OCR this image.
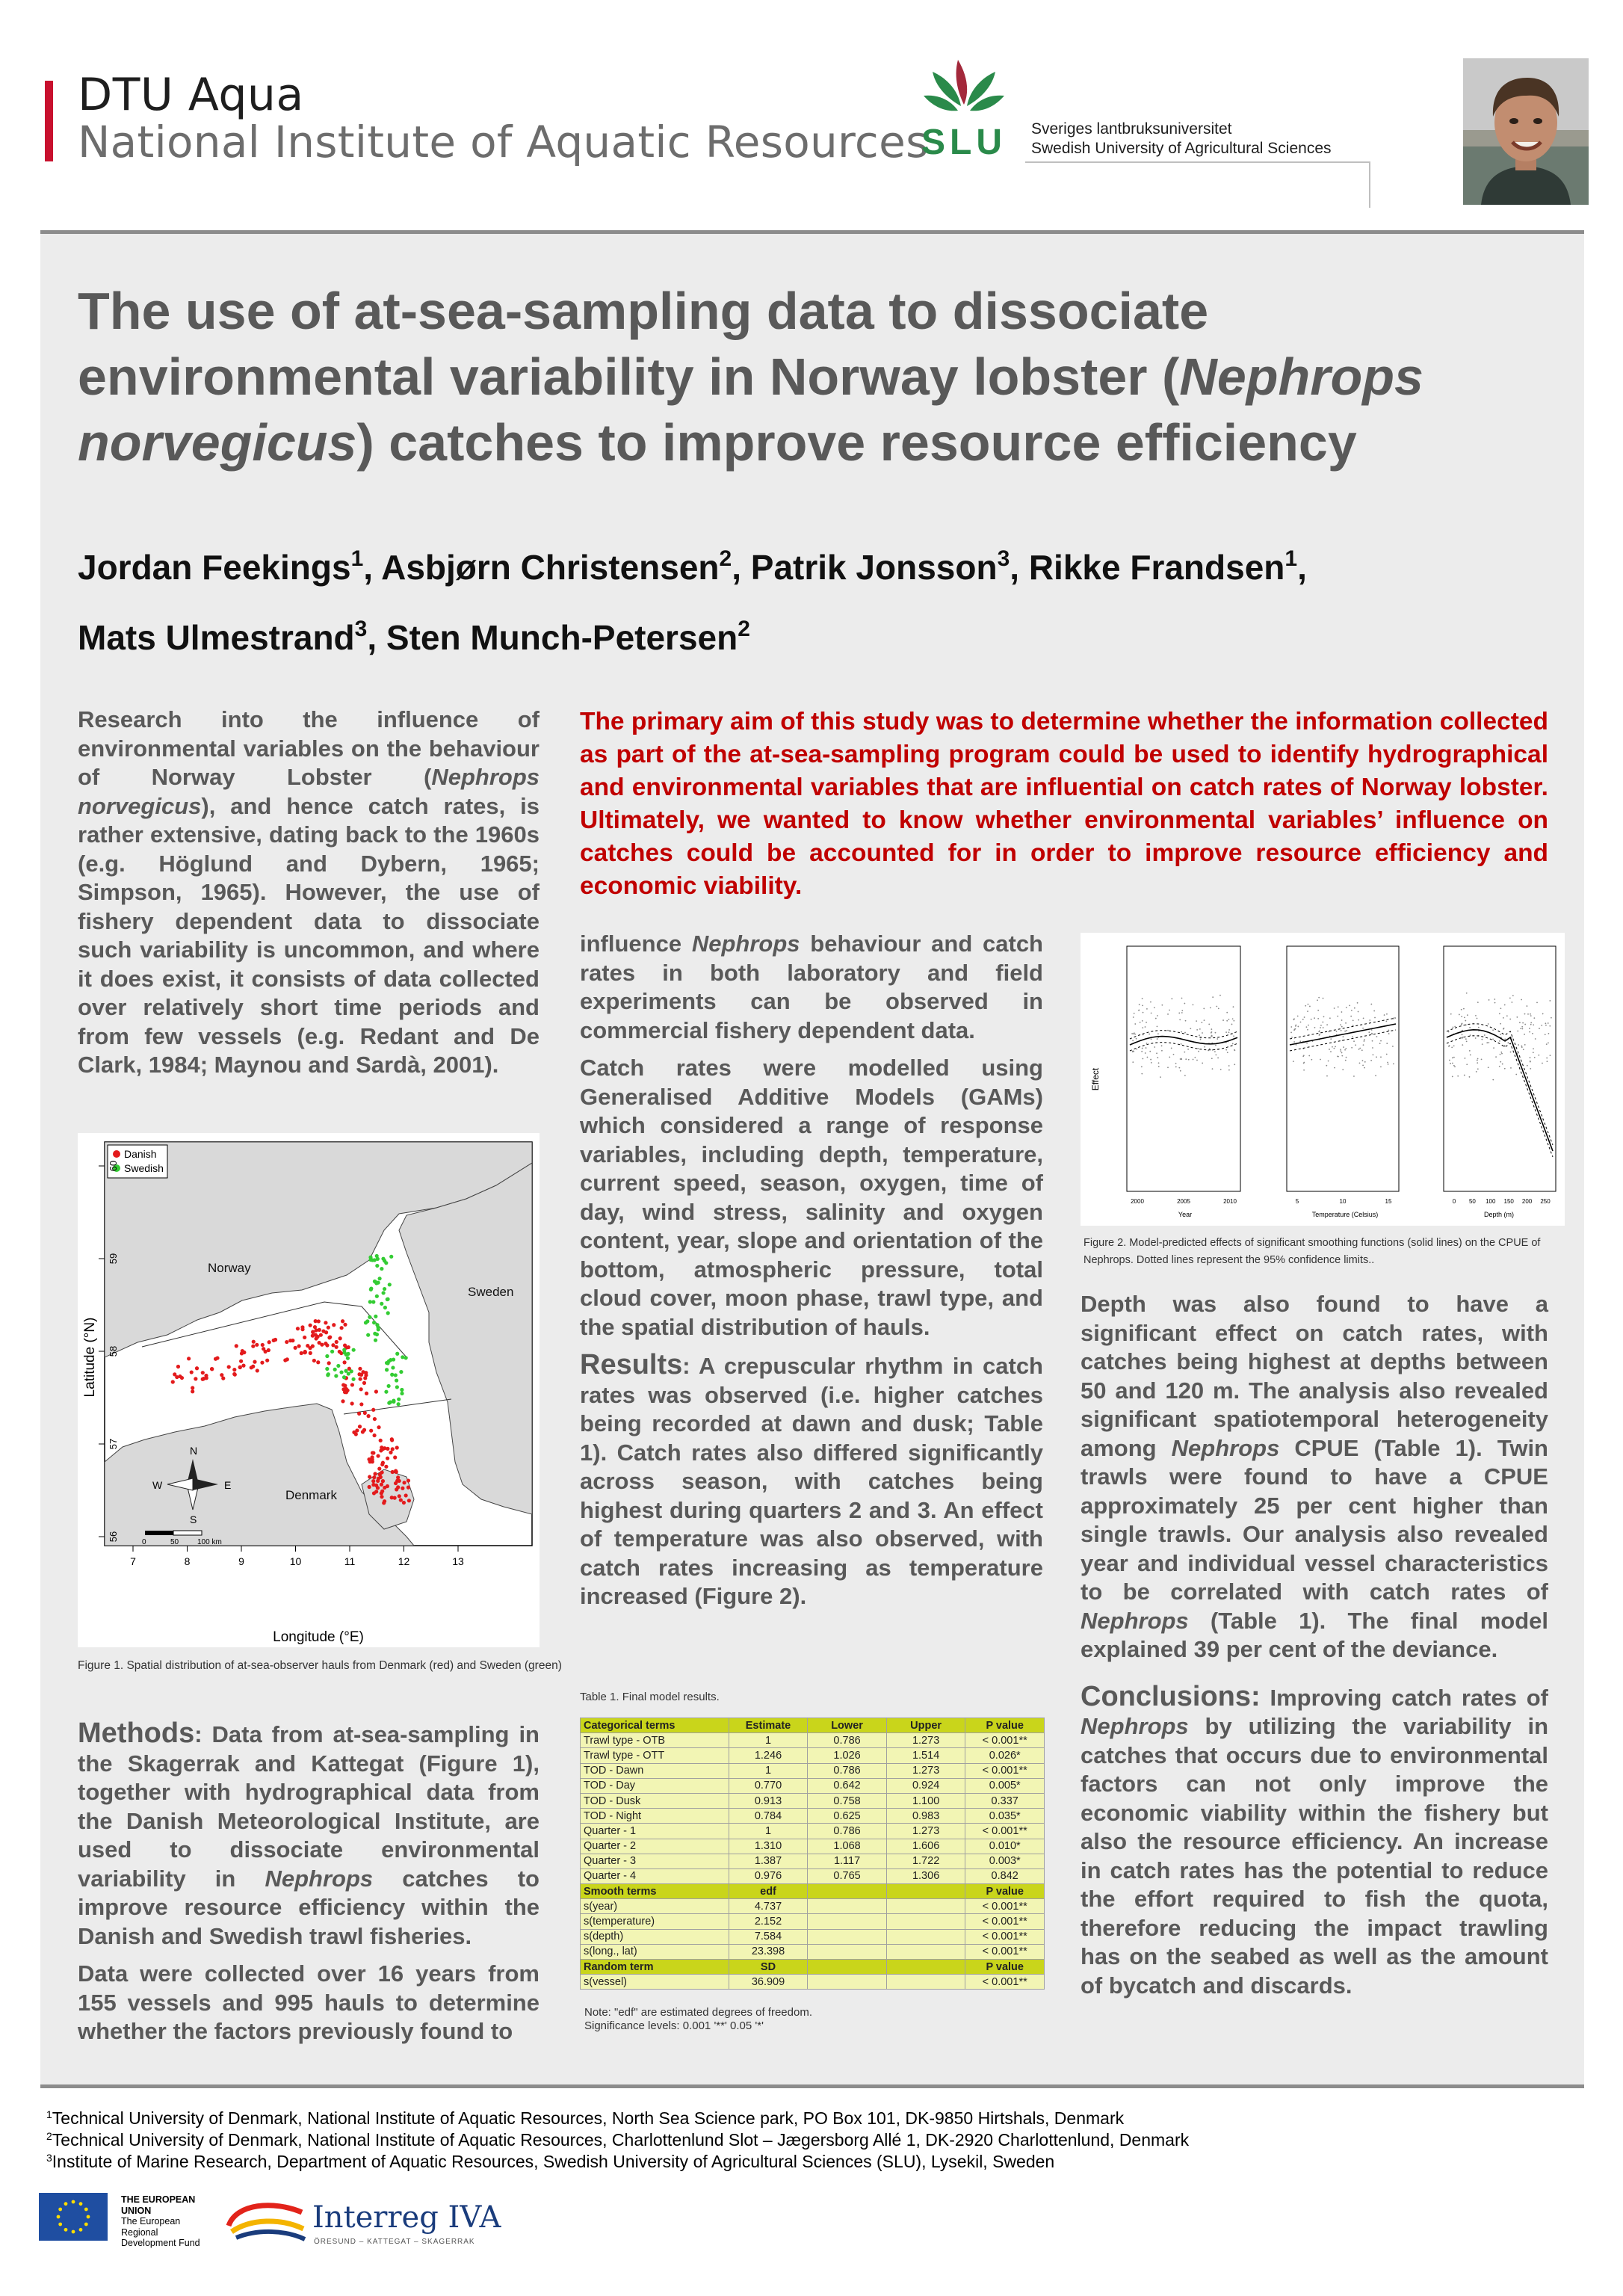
DTU Aqua
National Institute of Aquatic Resources
SLU Sveriges lantbruksuniversitet
Swedish University of Agricultural Sciences
The use of at-sea-sampling data to dissociate environmental variability in Norway lobster (Nephrops norvegicus) catches to improve resource efficiency
Jordan Feekings$^1$, Asbjørn Christensen$^2$, Patrik Jonsson$^3$, Rikke Frandsen$^1$,
Mats Ulmestrand$^3$, Sten Munch-Petersen$^2$
Research into the influence of environmental variables on the behaviour of Norway Lobster (Nephrops norvegicus), and hence catch rates, is rather extensive, dating back to the 1960s (e.g. Höglund and Dybern, 1965; Simpson, 1965). However, the use of fishery dependent data to dissociate such variability is uncommon, and where it does exist, it consists of data collected over relatively short time periods and from few vessels (e.g. Redant and De Clark, 1984; Maynou and Sardà, 2001).
The primary aim of this study was to determine whether the information collected as part of the at-sea-sampling program could be used to identify hydrographical and environmental variables that are influential on catch rates of Norway lobster. Ultimately, we wanted to know whether environmental variables’ influence on catches could be accounted for in order to improve resource efficiency and economic viability.

influence Nephrops behaviour and catch rates in both laboratory and field experiments can be observed in commercial fishery dependent data.

Catch rates were modelled using Generalised Additive Models (GAMs) which considered a range of response variables, including depth, temperature, current speed, season, oxygen, time of day, wind stress, salinity and oxygen content, year, slope and orientation of the bottom, atmospheric pressure, total cloud cover, moon phase, trawl type, and the spatial distribution of hauls.

Results: A crepuscular rhythm in catch rates was observed (i.e. higher catches being recorded at dawn and dusk; Table 1). Catch rates also differed significantly across season, with catches being highest during quarters 2 and 3. An effect of temperature was also observed, with catch rates increasing as temperature increased (Figure 2).

Depth was also found to have a significant effect on catch rates, with catches being highest at depths between 50 and 120 m. The analysis also revealed significant spatiotemporal heterogeneity among Nephrops CPUE (Table 1). Twin trawls were found to have a CPUE approximately 25 per cent higher than single trawls. Our analysis also revealed year and individual vessel characteristics to be correlated with catch rates of Nephrops (Table 1). The final model explained 39 per cent of the deviance.

Conclusions: Improving catch rates of Nephrops by utilizing the variability in catches that occurs due to environmental factors can not only improve the economic viability within the fishery but also the resource efficiency. An increase in catch rates has the potential to reduce the effort required to fish the quota, therefore reducing the impact trawling has on the seabed as well as the amount of bycatch and discards.

Methods: Data from at-sea-sampling in the Skagerrak and Kattegat (Figure 1), together with hydrographical data from the Danish Meteorological Institute, are used to dissociate environmental variability in Nephrops catches to improve resource efficiency within the Danish and Swedish trawl fisheries.

Data were collected over 16 years from 155 vessels and 995 hauls to determine whether the factors previously found to

Norway
Sweden
Denmark
Danish
Swedish
N
S
E
W
0	50 100 km
7	8	9	10	11	12	13
56
57
58
59
60
Longitude (°E)
Latitude (°N)
Figure 1. Spatial distribution of at-sea-observer hauls from Denmark (red) and Sweden (green)
Effect
2000	2005	2010	5	10	15	0 50 100 150 200 250
Year	Temperature (Celsius)	Depth (m)
Figure 2. Model-predicted effects of significant smoothing functions (solid lines) on the CPUE of Nephrops. Dotted lines represent the 95% confidence limits..
Table 1. Final model results.
Categorical terms	Estimate	Lower	Upper	P value
Trawl type - OTB	1	0.786	1.273	< 0.001**
Trawl type - OTT	1.246	1.026	1.514	0.026*
TOD - Dawn	1	0.786	1.273	< 0.001**
TOD - Day	0.770	0.642	0.924	0.005*
TOD - Dusk	0.913	0.758	1.100	0.337
TOD - Night	0.784	0.625	0.983	0.035*
Quarter - 1	1	0.786	1.273	< 0.001**
Quarter - 2	1.310	1.068	1.606	0.010*
Quarter - 3	1.387	1.117	1.722	0.003*
Quarter - 4	0.976	0.765	1.306	0.842
Smooth terms	edf			P value
s(year)	4.737			< 0.001**
s(temperature)	2.152			< 0.001**
s(depth)	7.584			< 0.001**
s(long., lat)	23.398			< 0.001**
Random term	SD			P value
s(vessel)	36.909			< 0.001**
Note: "edf" are estimated degrees of freedom.
Significance levels: 0.001 '**' 0.05 '*'
$^1$Technical University of Denmark, National Institute of Aquatic Resources, North Sea Science park, PO Box 101, DK-9850 Hirtshals, Denmark
$^2$Technical University of Denmark, National Institute of Aquatic Resources, Charlottenlund Slot – Jægersborg Allé 1, DK-2920 Charlottenlund, Denmark
$^3$Institute of Marine Research, Department of Aquatic Resources, Swedish University of Agricultural Sciences (SLU), Lysekil, Sweden
THE EUROPEAN
UNION
The European
Regional
Development Fund
Interreg IVA
ÖRESUND – KATTEGAT – SKAGERRAK
